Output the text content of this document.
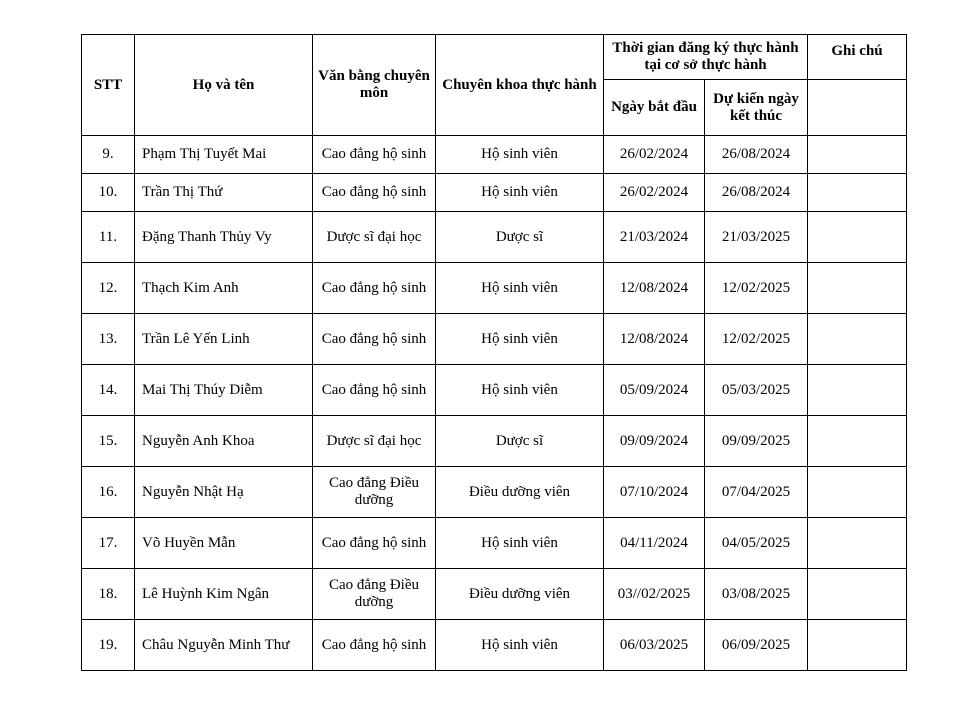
STT	Họ và tên	Văn bằng chuyên môn	Chuyên khoa thực hành	Thời gian đăng ký thực hành tại cơ sở thực hành		Ghi chú
				Ngày bắt đầu	Dự kiến ngày kết thúc	
9.	Phạm Thị Tuyết Mai	Cao đẳng hộ sinh	Hộ sinh viên	26/02/2024	26/08/2024	
10.	Trần Thị Thứ	Cao đẳng hộ sinh	Hộ sinh viên	26/02/2024	26/08/2024	
11.	Đặng Thanh Thủy Vy	Dược sĩ đại học	Dược sĩ	21/03/2024	21/03/2025	
12.	Thạch Kim Anh	Cao đẳng hộ sinh	Hộ sinh viên	12/08/2024	12/02/2025	
13.	Trần Lê Yến Linh	Cao đẳng hộ sinh	Hộ sinh viên	12/08/2024	12/02/2025	
14.	Mai Thị Thúy Diễm	Cao đẳng hộ sinh	Hộ sinh viên	05/09/2024	05/03/2025	
15.	Nguyễn Anh Khoa	Dược sĩ đại học	Dược sĩ	09/09/2024	09/09/2025	
16.	Nguyễn Nhật Hạ	Cao đẳng Điều dưỡng	Điều dưỡng viên	07/10/2024	07/04/2025	
17.	Võ Huyền Mẫn	Cao đẳng hộ sinh	Hộ sinh viên	04/11/2024	04/05/2025	
18.	Lê Huỳnh Kim Ngân	Cao đẳng Điều dưỡng	Điều dưỡng viên	03//02/2025	03/08/2025	
19.	Châu Nguyễn Minh Thư	Cao đẳng hộ sinh	Hộ sinh viên	06/03/2025	06/09/2025	
